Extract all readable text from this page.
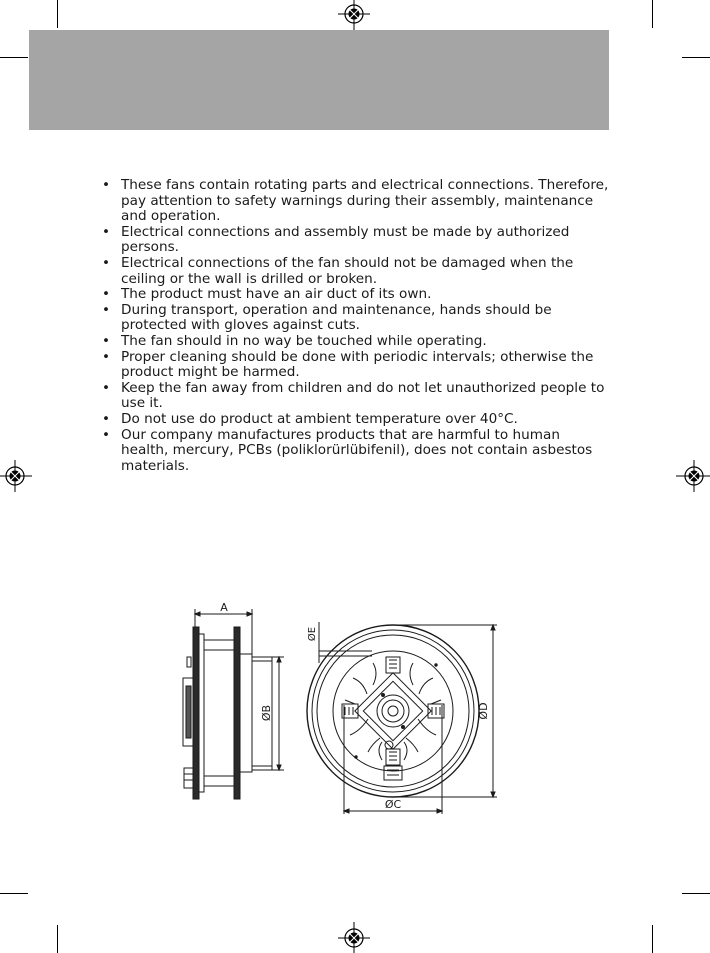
• These fans contain rotating parts and electrical connections. Therefore, pay attention to safety warnings during their assembly, maintenance and operation.
• Electrical connections and assembly must be made by authorized persons.
• Electrical connections of the fan should not be damaged when the ceiling or the wall is drilled or broken.
• The product must have an air duct of its own.
• During transport, operation and maintenance, hands should be protected with gloves against cuts.
• The fan should in no way be touched while operating.
• Proper cleaning should be done with periodic intervals; otherwise the product might be harmed.
• Keep the fan away from children and do not let unauthorized people to use it.
• Do not use do product at ambient temperature over 40°C.
• Our company manufactures products that are harmful to human health, mercury, PCBs (poliklorürlübifenil), does not contain asbestos materials.
A
ØB
ØE
ØD
ØC
